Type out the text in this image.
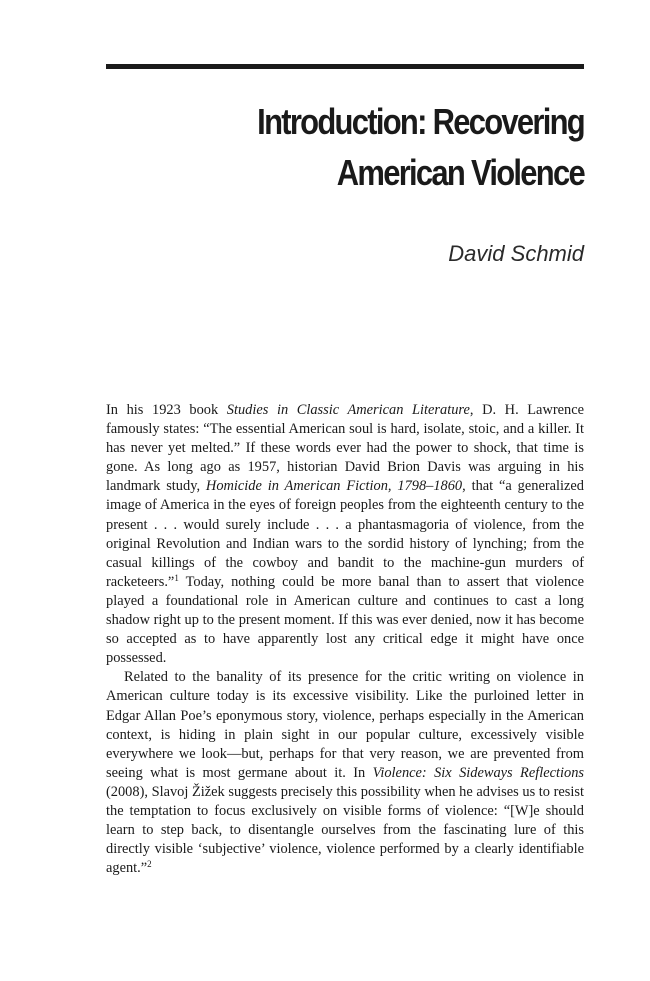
Introduction: Recovering
American Violence
David Schmid

In his 1923 book Studies in Classic American Literature, D. H. Lawrence famously states: “The essential American soul is hard, isolate, stoic, and a killer. It has never yet melted.” If these words ever had the power to shock, that time is gone. As long ago as 1957, historian David Brion Davis was arguing in his landmark study, Homicide in American Fiction, 1798–1860, that “a generalized image of America in the eyes of foreign peoples from the eighteenth century to the present . . . would surely include . . . a phantasmagoria of violence, from the original Revolution and Indian wars to the sordid history of lynching; from the casual killings of the cowboy and bandit to the machine-gun murders of racketeers.”$^1$ Today, nothing could be more banal than to assert that violence played a foundational role in American culture and continues to cast a long shadow right up to the present moment. If this was ever denied, now it has become so accepted as to have apparently lost any critical edge it might have once possessed.

Related to the banality of its presence for the critic writing on violence in American culture today is its excessive visibility. Like the purloined letter in Edgar Allan Poe’s eponymous story, violence, perhaps especially in the American context, is hiding in plain sight in our popular culture, excessively visible everywhere we look—but, perhaps for that very reason, we are prevented from seeing what is most germane about it. In Violence: Six Sideways Reflections (2008), Slavoj Žižek suggests precisely this possibility when he advises us to resist the temptation to focus exclusively on visible forms of violence: “[W]e should learn to step back, to disentangle ourselves from the fascinating lure of this directly visible ‘subjective’ violence, violence performed by a clearly identifiable agent.”$^2$
